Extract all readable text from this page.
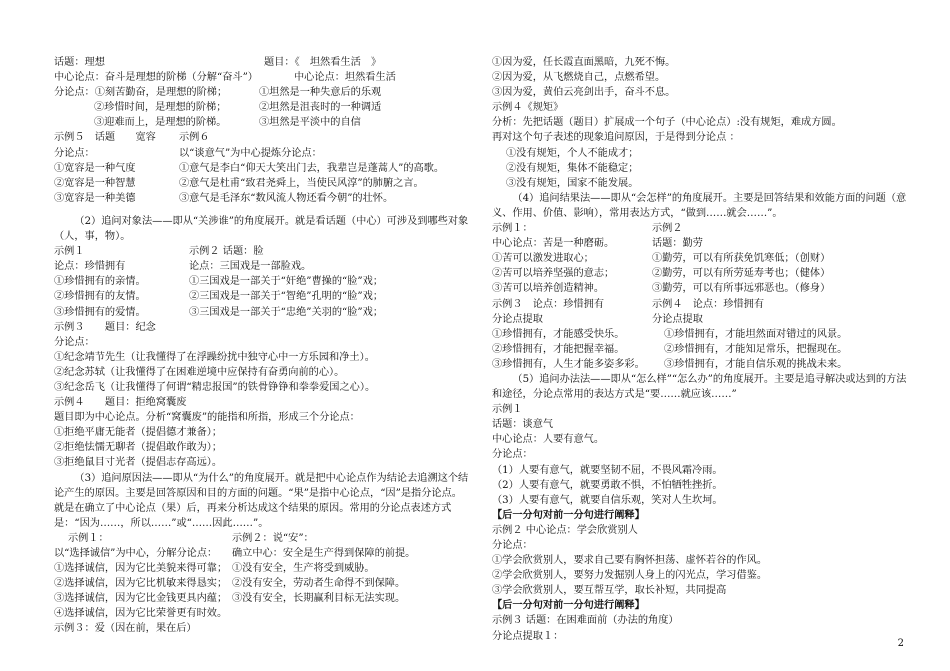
话题：理想	题目：《　坦然看生活　》
中心论点：奋斗是理想的阶梯（分解“奋斗”）	中心论点：坦然看生活
分论点：①刻苦勤奋，是理想的阶梯；	①坦然是一种失意后的乐观
②珍惜时间，是理想的阶梯；	②坦然是沮丧时的一种调适
③迎难而上，是理想的阶梯。	③坦然是平淡中的自信
示例５　话题　　宽容 示例６
分论点：	以“谈意气”为中心提炼分论点：
①宽容是一种气度	①意气是李白“仰天大笑出门去，我辈岂是蓬蒿人”的高歌。
②宽容是一种智慧	②意气是杜甫“致君尧舜上，当使民风淳”的肺腑之言。
③宽容是一种美德	③意气是毛泽东“数风流人物还看今朝”的壮怀。
（2）追问对象法——即从“关涉谁”的角度展开。就是看话题（中心）可涉及到哪些对象（人，事，物）。
示例１	示例２ 话题：脸
论点：珍惜拥有	论点：三国戏是一部脸戏。
①珍惜拥有的亲情。	①三国戏是一部关于“奸绝”曹操的“脸”戏；
②珍惜拥有的友情。	②三国戏是一部关于“智绝”孔明的“脸”戏；
③珍惜拥有的爱情。	③三国戏是一部关于“忠绝”关羽的“脸”戏；
示例３　　题目：纪念
分论点：
①纪念靖节先生（让我懂得了在浮躁纷扰中独守心中一方乐园和净土）。
②纪念苏轼（让我懂得了在困难逆境中应保持有奋勇向前的心）。
③纪念岳飞（让我懂得了何谓“精忠报国”的铁骨铮铮和拳拳爱国之心）。
示例４　　题目：拒绝窝囊废
题目即为中心论点。分析“窝囊废”的能指和所指，形成三个分论点：
①拒绝平庸无能者（提倡德才兼备）；
②拒绝怯懦无聊者（提倡敢作敢为）；
③拒绝鼠目寸光者（提倡志存高远）。
（3）追问原因法——即从“为什么”的角度展开。就是把中心论点作为结论去追溯这个结论产生的原因。主要是回答原因和目的方面的问题。“果”是指中心论点，“因”是指分论点。就是在确立了中心论点（果）后，再来分析达成这个结果的原因。常用的分论点表述方式是：“因为……，所以……”或“……因此……”。
示例１：	示例２：说“安”：
以“选择诚信”为中心，分解分论点： 确立中心：安全是生产得到保障的前提。
①选择诚信，因为它比美貌来得可靠； ①没有安全，生产将受到威胁。
②选择诚信，因为它比机敏来得恳实； ②没有安全，劳动者生命得不到保障。
③选择诚信，因为它比金钱更具内蕴； ③没有安全，长期赢利目标无法实现。
④选择诚信，因为它比荣誉更有时效。
示例３：爱（因在前，果在后）
①因为爱，任长霞直面黑暗，九死不悔。
②因为爱，从飞燃烧自己，点燃希望。
③因为爱，黄伯云亮剑出手，奋斗不息。
示例４《规矩》
分析：先把话题（题目）扩展成一个句子（中心论点）:没有规矩，难成方圆。
再对这个句子表述的现象追问原因，于是得到分论点 ：
①没有规矩，个人不能成才；
②没有规矩，集体不能稳定；
③没有规矩，国家不能发展。
（4）追问结果法——即从“会怎样”的角度展开。主要是回答结果和效能方面的问题（意义、作用、价值、影响），常用表达方式，“做到……就会……”。
示例１：	示例２
中心论点：苦是一种磨砺。	话题：勤劳
①苦可以激发进取心；	①勤劳，可以有所获免饥寒低；（创财）
②苦可以培养坚强的意志；	②勤劳，可以有所劳延寿考也；（健体）
③苦可以培养创造精神。	③勤劳，可以有所事远邪恶也。（修身）
示例３　论点：珍惜拥有	示例４　论点：珍惜拥有
分论点提取	分论点提取
①珍惜拥有，才能感受快乐。	①珍惜拥有，才能坦然面对错过的风景。
②珍惜拥有，才能把握幸福。	②珍惜拥有，才能知足常乐，把握现在。
③珍惜拥有，人生才能多姿多彩。 ③珍惜拥有，才能自信乐观的挑战未来。
（5）追问办法法——即从“怎么样”“怎么办”的角度展开。主要是追寻解决或达到的方法和途径，分论点常用的表达方式是“要……就应该……”
示例１
话题：谈意气
中心论点：人要有意气。
分论点：
（1）人要有意气，就要坚韧不屈，不畏风霜冷雨。
（2）人要有意气，就要勇敢不惧，不怕牺牲挫折。
（3）人要有意气，就要自信乐观，笑对人生坎坷。
【后一分句对前一分句进行阐释】
示例２ 中心论点：学会欣赏别人
分论点：
①学会欣赏别人，要求自己要有胸怀担荡、虚怀若谷的作风。
②学会欣赏别人，要努力发掘别人身上的闪光点，学习借鉴。
③学会欣赏别人，要互帮互学，取长补短，共同提高
【后一分句对前一分句进行阐释】
示例３ 话题：在困难面前（办法的角度）
分论点提取１：
2
